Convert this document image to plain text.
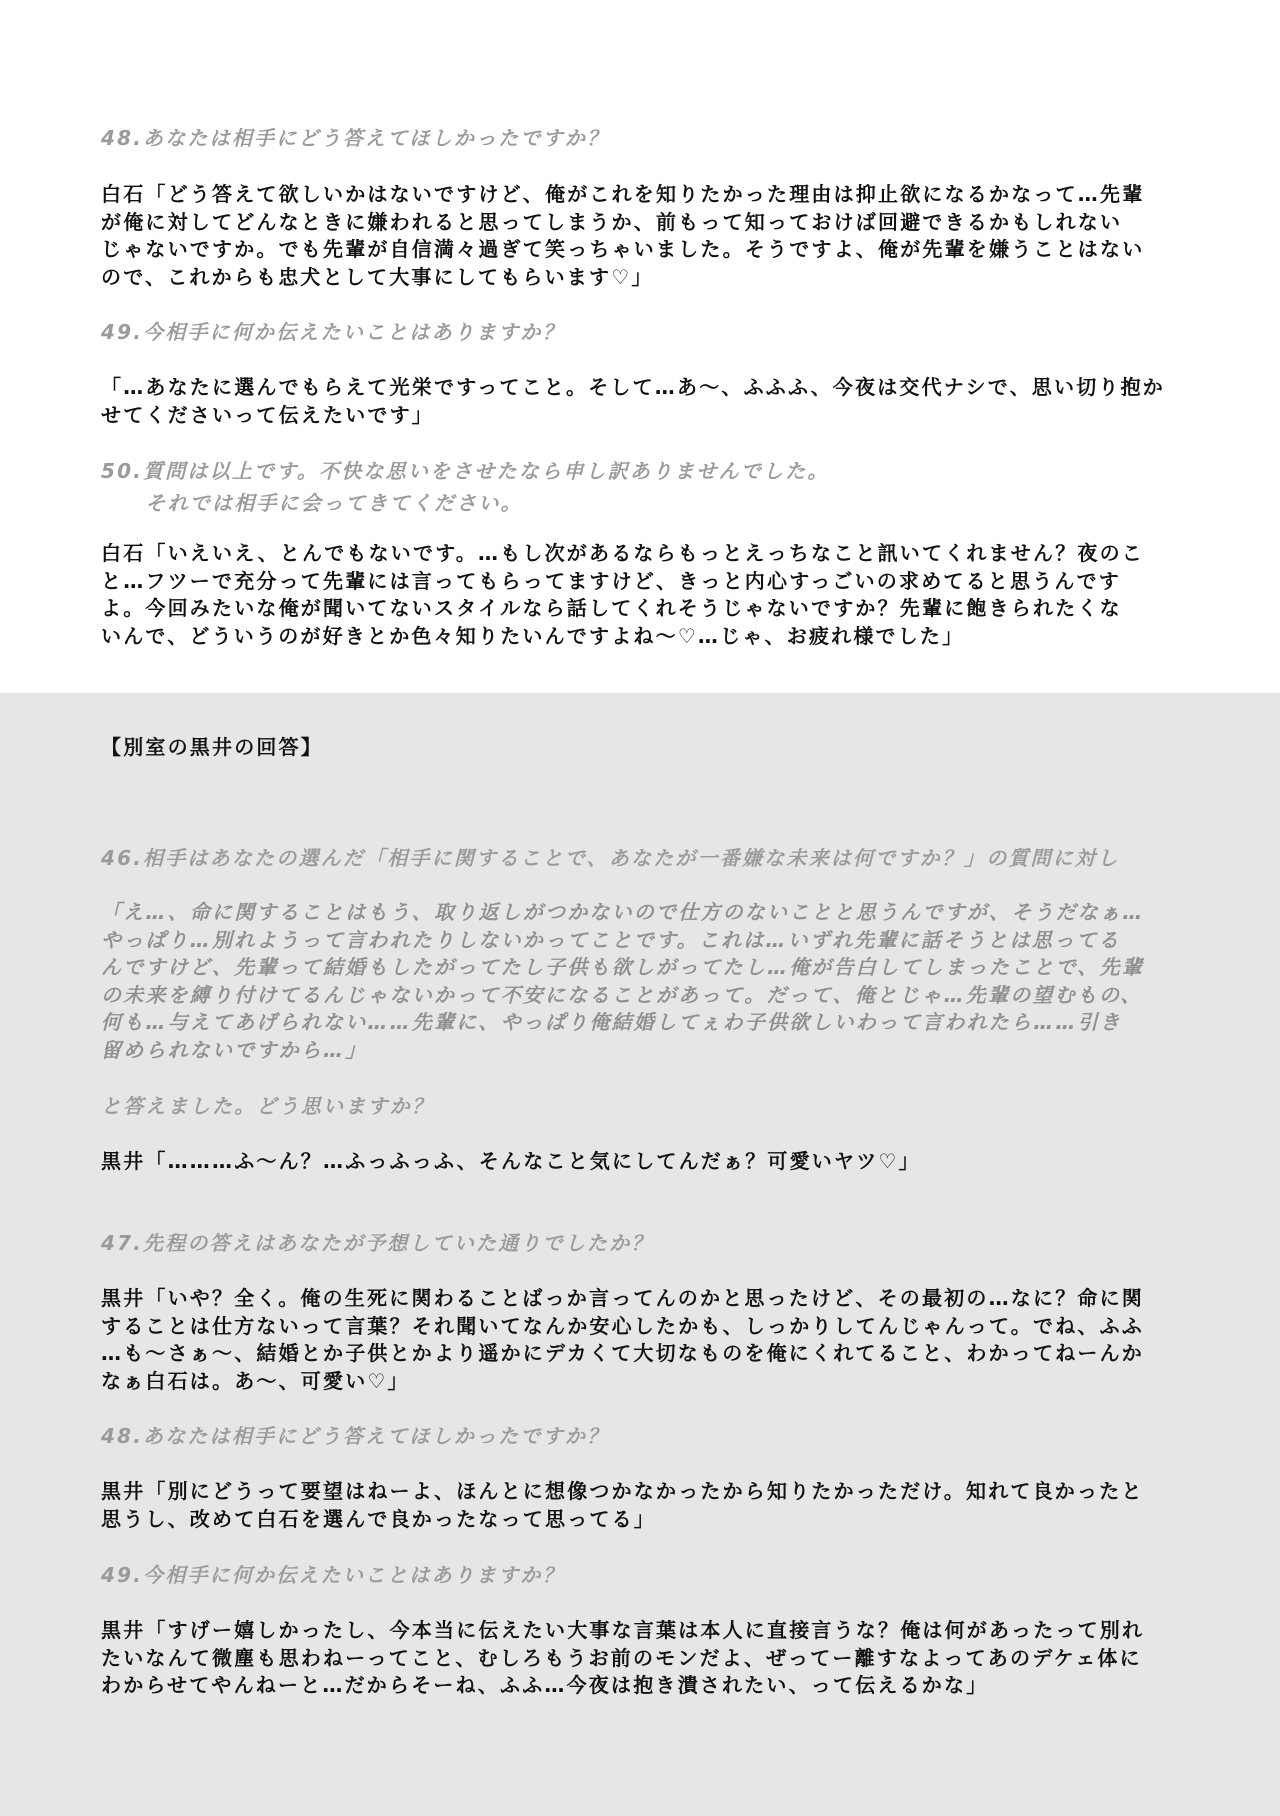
48.あなたは相手にどう答えてほしかったですか？

白石「どう答えて欲しいかはないですけど、俺がこれを知りたかった理由は抑止欲になるかなって…先輩
が俺に対してどんなときに嫌われると思ってしまうか、前もって知っておけば回避できるかもしれない
じゃないですか。でも先輩が自信満々過ぎて笑っちゃいました。そうですよ、俺が先輩を嫌うことはない
ので、これからも忠犬として大事にしてもらいます♡」

49.今相手に何か伝えたいことはありますか？

「…あなたに選んでもらえて光栄ですってこと。そして…あ～、ふふふ、今夜は交代ナシで、思い切り抱か
せてくださいって伝えたいです」

50.質問は以上です。不快な思いをさせたなら申し訳ありませんでした。
　　それでは相手に会ってきてください。

白石「いえいえ、とんでもないです。…もし次があるならもっとえっちなこと訊いてくれません？夜のこ
と…フツーで充分って先輩には言ってもらってますけど、きっと内心すっごいの求めてると思うんです
よ。今回みたいな俺が聞いてないスタイルなら話してくれそうじゃないですか？先輩に飽きられたくな
いんで、どういうのが好きとか色々知りたいんですよね～♡…じゃ、お疲れ様でした」

【別室の黒井の回答】

46.相手はあなたの選んだ「相手に関することで、あなたが一番嫌な未来は何ですか？」の質問に対し

「え…、命に関することはもう、取り返しがつかないので仕方のないことと思うんですが、そうだなぁ…
やっぱり…別れようって言われたりしないかってことです。これは…いずれ先輩に話そうとは思ってる
んですけど、先輩って結婚もしたがってたし子供も欲しがってたし…俺が告白してしまったことで、先輩
の未来を縛り付けてるんじゃないかって不安になることがあって。だって、俺とじゃ…先輩の望むもの、
何も…与えてあげられない……先輩に、やっぱり俺結婚してぇわ子供欲しいわって言われたら……引き
留められないですから…」

と答えました。どう思いますか？

黒井「………ふ～ん？…ふっふっふ、そんなこと気にしてんだぁ？可愛いヤツ♡」

47.先程の答えはあなたが予想していた通りでしたか？

黒井「いや？全く。俺の生死に関わることばっか言ってんのかと思ったけど、その最初の…なに？命に関
することは仕方ないって言葉？それ聞いてなんか安心したかも、しっかりしてんじゃんって。でね、ふふ
…も～さぁ～、結婚とか子供とかより遥かにデカくて大切なものを俺にくれてること、わかってねーんか
なぁ白石は。あ～、可愛い♡」

48.あなたは相手にどう答えてほしかったですか？

黒井「別にどうって要望はねーよ、ほんとに想像つかなかったから知りたかっただけ。知れて良かったと
思うし、改めて白石を選んで良かったなって思ってる」

49.今相手に何か伝えたいことはありますか？

黒井「すげー嬉しかったし、今本当に伝えたい大事な言葉は本人に直接言うな？俺は何があったって別れ
たいなんて微塵も思わねーってこと、むしろもうお前のモンだよ、ぜってー離すなよってあのデケェ体に
わからせてやんねーと…だからそーね、ふふ…今夜は抱き潰されたい、って伝えるかな」
